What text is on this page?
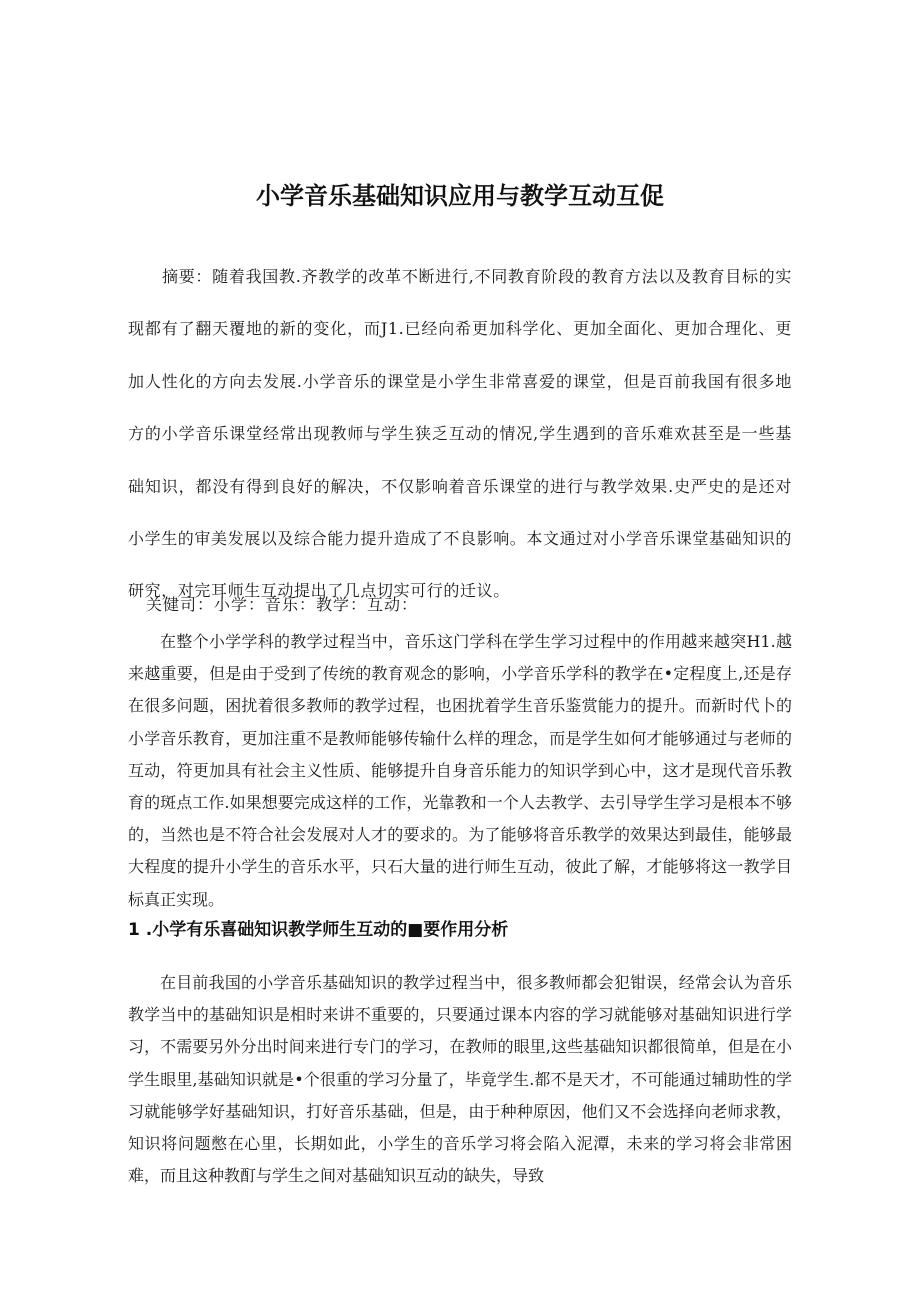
小学音乐基础知识应用与教学互动互促

摘要：随着我国教.齐教学的改革不断进行,不同教育阶段的教育方法以及教育目标的实现都有了翻天覆地的新的变化，而J1.已经向希更加科学化、更加全面化、更加合理化、更加人性化的方向去发展.小学音乐的课堂是小学生非常喜爱的课堂，但是百前我国有很多地方的小学音乐课堂经常出现教师与学生狭乏互动的情况,学生遇到的音乐难欢甚至是一些基础知识，都没有得到良好的解决，不仅影响着音乐课堂的进行与教学效果.史严史的是还对小学生的审美发展以及综合能力提升造成了不良影响。本文通过对小学音乐课堂基础知识的研究，对完耳师生互动提出了几点切实可行的迁议。

关健司：小学：音乐：教学：互动：

在整个小学学科的教学过程当中，音乐这门学科在学生学习过程中的作用越来越突H1.越来越重要，但是由于受到了传统的教育观念的影响，小学音乐学科的教学在•定程度上,还是存在很多问题，困扰着很多教师的教学过程，也困扰着学生音乐鉴赏能力的提升。而新时代卜的小学音乐教育，更加注重不是教师能够传输什么样的理念，而是学生如何才能够通过与老师的互动，符更加具有社会主义性质、能够提升自身音乐能力的知识学到心中，这才是现代音乐教育的斑点工作.如果想要完成这样的工作，光靠教和一个人去教学、去引导学生学习是根本不够的，当然也是不符合社会发展对人才的要求的。为了能够将音乐教学的效果达到最佳，能够最大程度的提升小学生的音乐水平，只石大量的进行师生互动，彼此了解，才能够将这一教学目标真正实现。

1 .小学有乐喜础知识教学师生互动的■要作用分析

在目前我国的小学音乐基础知识的教学过程当中，很多教师都会犯钳误，经常会认为音乐教学当中的基础知识是相时来讲不重要的，只要通过课本内容的学习就能够对基础知识进行学习，不需要另外分出时间来进行专门的学习，在教师的眼里,这些基础知识都很简单，但是在小学生眼里,基础知识就是•个很重的学习分量了，毕竟学生.都不是天才，不可能通过辅助性的学习就能够学好基础知识，打好音乐基础，但是，由于种种原因，他们又不会选择向老师求教，知识将问题憋在心里，长期如此，小学生的音乐学习将会陷入泥潭，未来的学习将会非常困难，而且这种教酊与学生之间对基础知识互动的缺失，导致
